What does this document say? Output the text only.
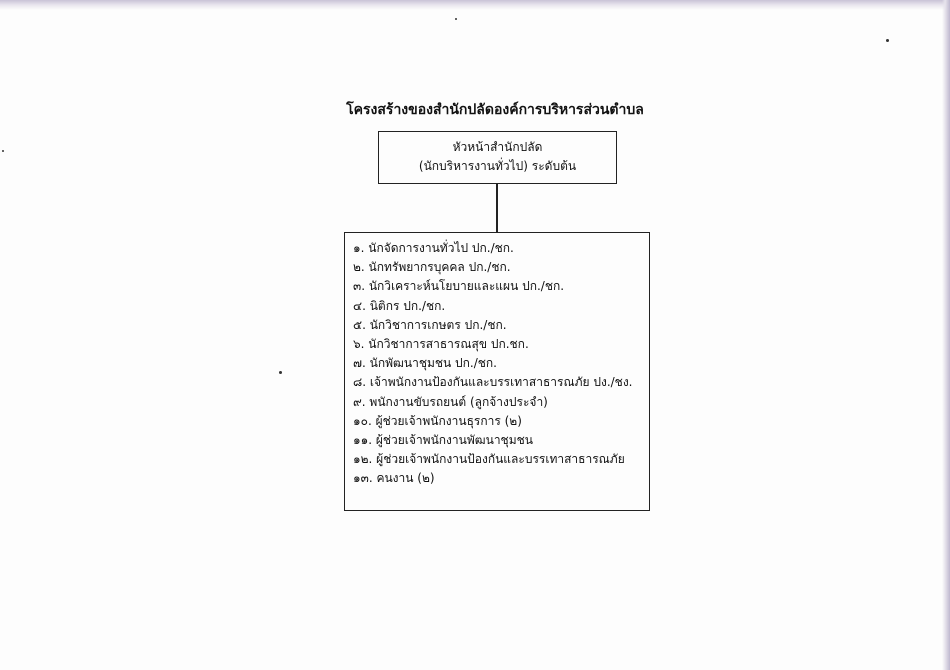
โครงสร้างของสำนักปลัดองค์การบริหารส่วนตำบล
หัวหน้าสำนักปลัด
(นักบริหารงานทั่วไป) ระดับต้น
๑. นักจัดการงานทั่วไป ปก./ชก.
๒. นักทรัพยากรบุคคล ปก./ชก.
๓. นักวิเคราะห์นโยบายและแผน ปก./ชก.
๔. นิติกร ปก./ชก.
๕. นักวิชาการเกษตร ปก./ชก.
๖. นักวิชาการสาธารณสุข ปก.ชก.
๗. นักพัฒนาชุมชน ปก./ชก.
๘. เจ้าพนักงานป้องกันและบรรเทาสาธารณภัย ปง./ชง.
๙. พนักงานขับรถยนต์ (ลูกจ้างประจำ)
๑๐. ผู้ช่วยเจ้าพนักงานธุรการ (๒)
๑๑. ผู้ช่วยเจ้าพนักงานพัฒนาชุมชน
๑๒. ผู้ช่วยเจ้าพนักงานป้องกันและบรรเทาสาธารณภัย
๑๓. คนงาน (๒)
